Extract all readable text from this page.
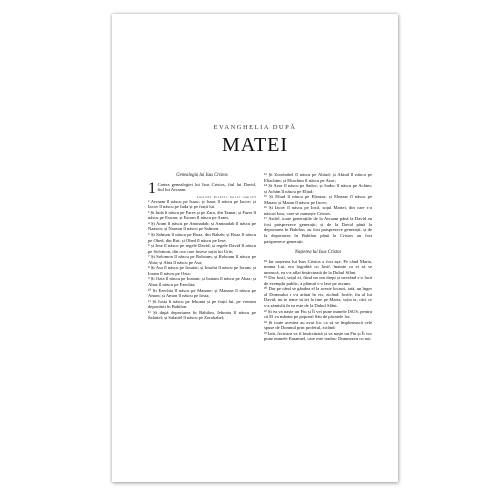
EVANGHELIA DUPĂ
MATEI
Genealogia lui Isus Cristos
1 Cartea genealogiei lui Isus Cristos, fiul lui David, fiul lui Avraam.

Luca 3:23 · Ps 132:11 · Isa 11:1 · Gen 12:3

² Avraam îl născu pe Isaac; și Isaac îl născu pe Iacov; și Iacov îl născu pe Iuda și pe frații lui.

³ Și Iuda îi născu pe Fares și pe Zara, din Tamar; și Fares îl născu pe Esrom; și Esrom îl născu pe Aram.

⁴ Și Aram îl născu pe Aminadab; și Aminadab îl născu pe Naason; și Naason îl născu pe Salmon.

⁵ Și Salmon îl născu pe Boaz, din Rahab; și Boaz îl născu pe Obed, din Rut; și Obed îl născu pe Iese;

⁶ și Iese îl născu pe regele David; și regele David îl născu pe Solomon, din cea care fusese soția lui Urie;

⁷ Și Solomon îl născu pe Roboam; și Roboam îl născu pe Abia; și Abia îl născu pe Asa;

⁸ Și Asa îl născu pe Iosafat; și Iosafat îl născu pe Ioram; și Ioram îl născu pe Ozia;

⁹ Și Ozia îl născu pe Ioatam; și Ioatam îl născu pe Ahaz; și Ahaz îl născu pe Ezechia;

¹⁰ Și Ezechia îl născu pe Manase; și Manase îl născu pe Amon; și Amon îl născu pe Iosia;

¹¹ Și Iosia îi născu pe Iehonia și pe frații lui, pe vremea deportării în Babilon.

¹² Și după deportarea în Babilon, Iehonia îl născu pe Salatiel; și Salatiel îl născu pe Zorobabel;

¹³ Și Zorobabel îl născu pe Abiud; și Abiud îl născu pe Eliachim; și Eliachim îl născu pe Azor;

¹⁴ Și Azor îl născu pe Sadoc; și Sadoc îl născu pe Achim; și Achim îl născu pe Eliud;

¹⁵ Și Eliud îl născu pe Eleazar; și Eleazar îl născu pe Matan; și Matan îl născu pe Iacov;

¹⁶ Și Iacov îl născu pe Iosif, soțul Mariei, din care s-a născut Isus, care se numește Cristos.

¹⁷ Astfel, toate generațiile de la Avraam până la David au fost paisprezece generații; și de la David până la deportarea în Babilon, au fost paisprezece generații; și de la deportarea în Babilon până la Cristos au fost paisprezece generații.

Nașterea lui Isus Cristos

¹⁸ Iar nașterea lui Isus Cristos a fost așa: Pe când Maria, mama Lui, era logodită cu Iosif, înainte ca ei să se unească, ea s-a aflat însărcinată de la Duhul Sfânt.

¹⁹ Dar Iosif, soțul ei, fiind un om drept și nevrând s-o facă de exemplu public, a plănuit s-o lase pe ascuns.

²⁰ Dar pe când se gândea el la aceste lucruri, iată, un înger al Domnului i s-a arătat în vis, zicând: Iosife, fiu al lui David, nu te teme să iei la tine pe Maria, soția ta, căci ce s-a zămislit în ea este de la Duhul Sfânt.

²¹ Și ea va naște un Fiu și Îi vei pune numele ISUS, pentru că El va mântui pe poporul Său de păcatele lor.

²² Și toate acestea au avut loc ca să se împlinească cele spuse de Domnul prin profetul, zicând:

²³ Iată, fecioara va fi însărcinată și va naște un Fiu și Îi vor pune numele Emanuel, care este tradus: Dumnezeu cu noi.
